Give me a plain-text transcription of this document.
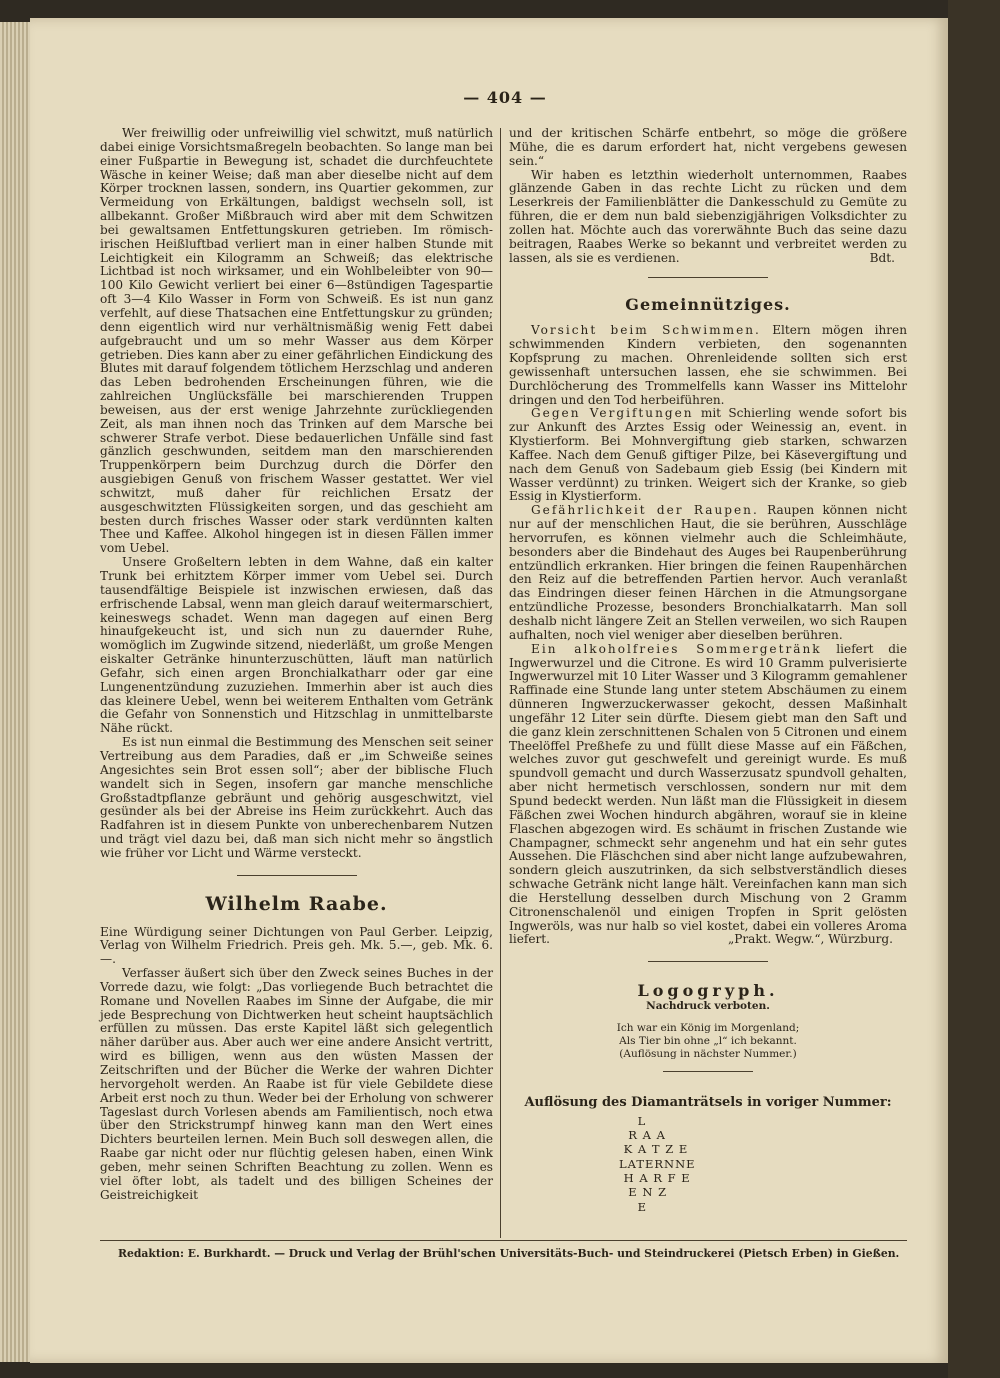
— 404 —

Wer freiwillig oder unfreiwillig viel schwitzt, muß natürlich dabei einige Vorsichtsmaßregeln beobachten. So lange man bei einer Fußpartie in Bewegung ist, schadet die durchfeuchtete Wäsche in keiner Weise; daß man aber dieselbe nicht auf dem Körper trocknen lassen, sondern, ins Quartier gekommen, zur Vermeidung von Erkältungen, baldigst wechseln soll, ist allbekannt. Großer Mißbrauch wird aber mit dem Schwitzen bei gewaltsamen Entfettungskuren getrieben. Im römisch-irischen Heißluftbad verliert man in einer halben Stunde mit Leichtigkeit ein Kilogramm an Schweiß; das elektrische Lichtbad ist noch wirksamer, und ein Wohlbeleibter von 90—100 Kilo Gewicht verliert bei einer 6—8stündigen Tagespartie oft 3—4 Kilo Wasser in Form von Schweiß. Es ist nun ganz verfehlt, auf diese Thatsachen eine Entfettungskur zu gründen; denn eigentlich wird nur verhältnismäßig wenig Fett dabei aufgebraucht und um so mehr Wasser aus dem Körper getrieben. Dies kann aber zu einer gefährlichen Eindickung des Blutes mit darauf folgendem tötlichem Herzschlag und anderen das Leben bedrohenden Erscheinungen führen, wie die zahlreichen Unglücksfälle bei marschierenden Truppen beweisen, aus der erst wenige Jahrzehnte zurückliegenden Zeit, als man ihnen noch das Trinken auf dem Marsche bei schwerer Strafe verbot. Diese bedauerlichen Unfälle sind fast gänzlich geschwunden, seitdem man den marschierenden Truppenkörpern beim Durchzug durch die Dörfer den ausgiebigen Genuß von frischem Wasser gestattet. Wer viel schwitzt, muß daher für reichlichen Ersatz der ausgeschwitzten Flüssigkeiten sorgen, und das geschieht am besten durch frisches Wasser oder stark verdünnten kalten Thee und Kaffee. Alkohol hingegen ist in diesen Fällen immer vom Uebel.

Unsere Großeltern lebten in dem Wahne, daß ein kalter Trunk bei erhitztem Körper immer vom Uebel sei. Durch tausendfältige Beispiele ist inzwischen erwiesen, daß das erfrischende Labsal, wenn man gleich darauf weitermarschiert, keineswegs schadet. Wenn man dagegen auf einen Berg hinaufgekeucht ist, und sich nun zu dauernder Ruhe, womöglich im Zugwinde sitzend, niederläßt, um große Mengen eiskalter Getränke hinunterzuschütten, läuft man natürlich Gefahr, sich einen argen Bronchialkatharr oder gar eine Lungenentzündung zuzuziehen. Immerhin aber ist auch dies das kleinere Uebel, wenn bei weiterem Enthalten vom Getränk die Gefahr von Sonnenstich und Hitzschlag in unmittelbarste Nähe rückt.

Es ist nun einmal die Bestimmung des Menschen seit seiner Vertreibung aus dem Paradies, daß er „im Schweiße seines Angesichtes sein Brot essen soll“; aber der biblische Fluch wandelt sich in Segen, insofern gar manche menschliche Großstadtpflanze gebräunt und gehörig ausgeschwitzt, viel gesünder als bei der Abreise ins Heim zurückkehrt. Auch das Radfahren ist in diesem Punkte von unberechenbarem Nutzen und trägt viel dazu bei, daß man sich nicht mehr so ängstlich wie früher vor Licht und Wärme versteckt.

Wilhelm Raabe.

Eine Würdigung seiner Dichtungen von Paul Gerber. Leipzig, Verlag von Wilhelm Friedrich. Preis geh. Mk. 5.—, geb. Mk. 6.—.

Verfasser äußert sich über den Zweck seines Buches in der Vorrede dazu, wie folgt: „Das vorliegende Buch betrachtet die Romane und Novellen Raabes im Sinne der Aufgabe, die mir jede Besprechung von Dichtwerken heut scheint hauptsächlich erfüllen zu müssen. Das erste Kapitel läßt sich gelegentlich näher darüber aus. Aber auch wer eine andere Ansicht vertritt, wird es billigen, wenn aus den wüsten Massen der Zeitschriften und der Bücher die Werke der wahren Dichter hervorgeholt werden. An Raabe ist für viele Gebildete diese Arbeit erst noch zu thun. Weder bei der Erholung von schwerer Tageslast durch Vorlesen abends am Familientisch, noch etwa über den Strickstrumpf hinweg kann man den Wert eines Dichters beurteilen lernen. Mein Buch soll deswegen allen, die Raabe gar nicht oder nur flüchtig gelesen haben, einen Wink geben, mehr seinen Schriften Beachtung zu zollen. Wenn es viel öfter lobt, als tadelt und des billigen Scheines der Geistreichigkeit

und der kritischen Schärfe entbehrt, so möge die größere Mühe, die es darum erfordert hat, nicht vergebens gewesen sein.“

Wir haben es letzthin wiederholt unternommen, Raabes glänzende Gaben in das rechte Licht zu rücken und dem Leserkreis der Familienblätter die Dankesschuld zu Gemüte zu führen, die er dem nun bald siebenzigjährigen Volksdichter zu zollen hat. Möchte auch das vorerwähnte Buch das seine dazu beitragen, Raabes Werke so bekannt und verbreitet werden zu lassen, als sie es verdienen.	Bdt.

Gemeinnütziges.

Vorsicht beim Schwimmen. Eltern mögen ihren schwimmenden Kindern verbieten, den sogenannten Kopfsprung zu machen. Ohrenleidende sollten sich erst gewissenhaft untersuchen lassen, ehe sie schwimmen. Bei Durchlöcherung des Trommelfells kann Wasser ins Mittelohr dringen und den Tod herbeiführen.

Gegen Vergiftungen mit Schierling wende sofort bis zur Ankunft des Arztes Essig oder Weinessig an, event. in Klystierform. Bei Mohnvergiftung gieb starken, schwarzen Kaffee. Nach dem Genuß giftiger Pilze, bei Käsevergiftung und nach dem Genuß von Sadebaum gieb Essig (bei Kindern mit Wasser verdünnt) zu trinken. Weigert sich der Kranke, so gieb Essig in Klystierform.

Gefährlichkeit der Raupen. Raupen können nicht nur auf der menschlichen Haut, die sie berühren, Ausschläge hervorrufen, es können vielmehr auch die Schleimhäute, besonders aber die Bindehaut des Auges bei Raupenberührung entzündlich erkranken. Hier bringen die feinen Raupenhärchen den Reiz auf die betreffenden Partien hervor. Auch veranlaßt das Eindringen dieser feinen Härchen in die Atmungsorgane entzündliche Prozesse, besonders Bronchialkatarrh. Man soll deshalb nicht längere Zeit an Stellen verweilen, wo sich Raupen aufhalten, noch viel weniger aber dieselben berühren.

Ein alkoholfreies Sommergetränk liefert die Ingwerwurzel und die Citrone. Es wird 10 Gramm pulverisierte Ingwerwurzel mit 10 Liter Wasser und 3 Kilogramm gemahlener Raffinade eine Stunde lang unter stetem Abschäumen zu einem dünneren Ingwerzuckerwasser gekocht, dessen Maßinhalt ungefähr 12 Liter sein dürfte. Diesem giebt man den Saft und die ganz klein zerschnittenen Schalen von 5 Citronen und einem Theelöffel Preßhefe zu und füllt diese Masse auf ein Fäßchen, welches zuvor gut geschwefelt und gereinigt wurde. Es muß spundvoll gemacht und durch Wasserzusatz spundvoll gehalten, aber nicht hermetisch verschlossen, sondern nur mit dem Spund bedeckt werden. Nun läßt man die Flüssigkeit in diesem Fäßchen zwei Wochen hindurch abgähren, worauf sie in kleine Flaschen abgezogen wird. Es schäumt in frischen Zustande wie Champagner, schmeckt sehr angenehm und hat ein sehr gutes Aussehen. Die Fläschchen sind aber nicht lange aufzubewahren, sondern gleich auszutrinken, da sich selbstverständlich dieses schwache Getränk nicht lange hält. Vereinfachen kann man sich die Herstellung desselben durch Mischung von 2 Gramm Citronenschalenöl und einigen Tropfen in Sprit gelösten Ingweröls, was nur halb so viel kostet, dabei ein volleres Aroma liefert.	„Prakt. Wegw.“, Würzburg.

Logogryph.
Nachdruck verboten.
Ich war ein König im Morgenland;
Als Tier bin ohne „l“ ich bekannt.
(Auflösung in nächster Nummer.)
Auflösung des Diamanträtsels in voriger Nummer:
L
R A A
K A T Z E
LATERNNE
H A R F E
E N Z
E
Redaktion: E. Burkhardt. — Druck und Verlag der Brühl'schen Universitäts-Buch- und Steindruckerei (Pietsch Erben) in Gießen.
